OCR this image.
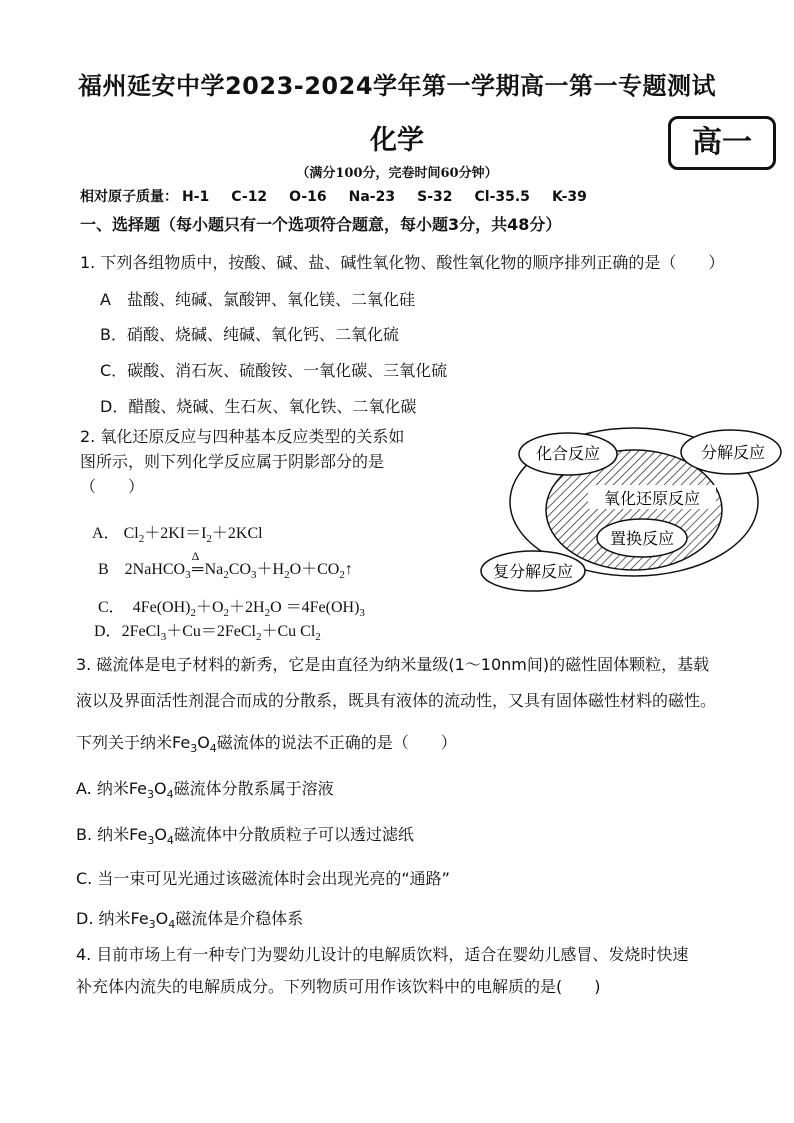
福州延安中学2023-2024学年第一学期高一第一专题测试
化学	高一
（满分100分，完卷时间60分钟）
相对原子质量： H-1 C-12 O-16 Na-23 S-32 Cl-35.5 K-39
一、选择题（每小题只有一个选项符合题意，每小题3分，共48分）
1. 下列各组物质中，按酸、碱、盐、碱性氧化物、酸性氧化物的顺序排列正确的是（　　）
A　盐酸、纯碱、氯酸钾、氧化镁、二氧化硅
B．硝酸、烧碱、纯碱、氧化钙、二氧化硫
C．碳酸、消石灰、硫酸铵、一氧化碳、三氧化硫
D．醋酸、烧碱、生石灰、氧化铁、二氧化碳
2. 氧化还原反应与四种基本反应类型的关系如
图所示，则下列化学反应属于阴影部分的是
（　　）
A． $Cl_2+2KI=I_2+2KCl$
B    2NaHCO$_3$
Δ
$═Na_2CO_3+H_2O+CO_2↑$
C．  $4Fe(OH)_2+O_2+2H_2O =4Fe(OH)_3$
D．2FeCl$_3$＋Cu＝2FeCl$_2$＋Cu $Cl_2$
化合反应	分解反应
氧化还原反应
置换反应
复分解反应
3. 磁流体是电子材料的新秀，它是由直径为纳米量级(1～10nm间)的磁性固体颗粒，基载
液以及界面活性剂混合而成的分散系，既具有液体的流动性，又具有固体磁性材料的磁性。
下列关于纳米$Fe_3O_4$磁流体的说法不正确的是（　　）
A. 纳米$Fe_3O_4$磁流体分散系属于溶液
B. 纳米$Fe_3O_4$磁流体中分散质粒子可以透过滤纸
C. 当一束可见光通过该磁流体时会出现光亮的“通路”
D. 纳米$Fe_3O_4$磁流体是介稳体系
4. 目前市场上有一种专门为婴幼儿设计的电解质饮料，适合在婴幼儿感冒、发烧时快速
补充体内流失的电解质成分。下列物质可用作该饮料中的电解质的是(　　)
